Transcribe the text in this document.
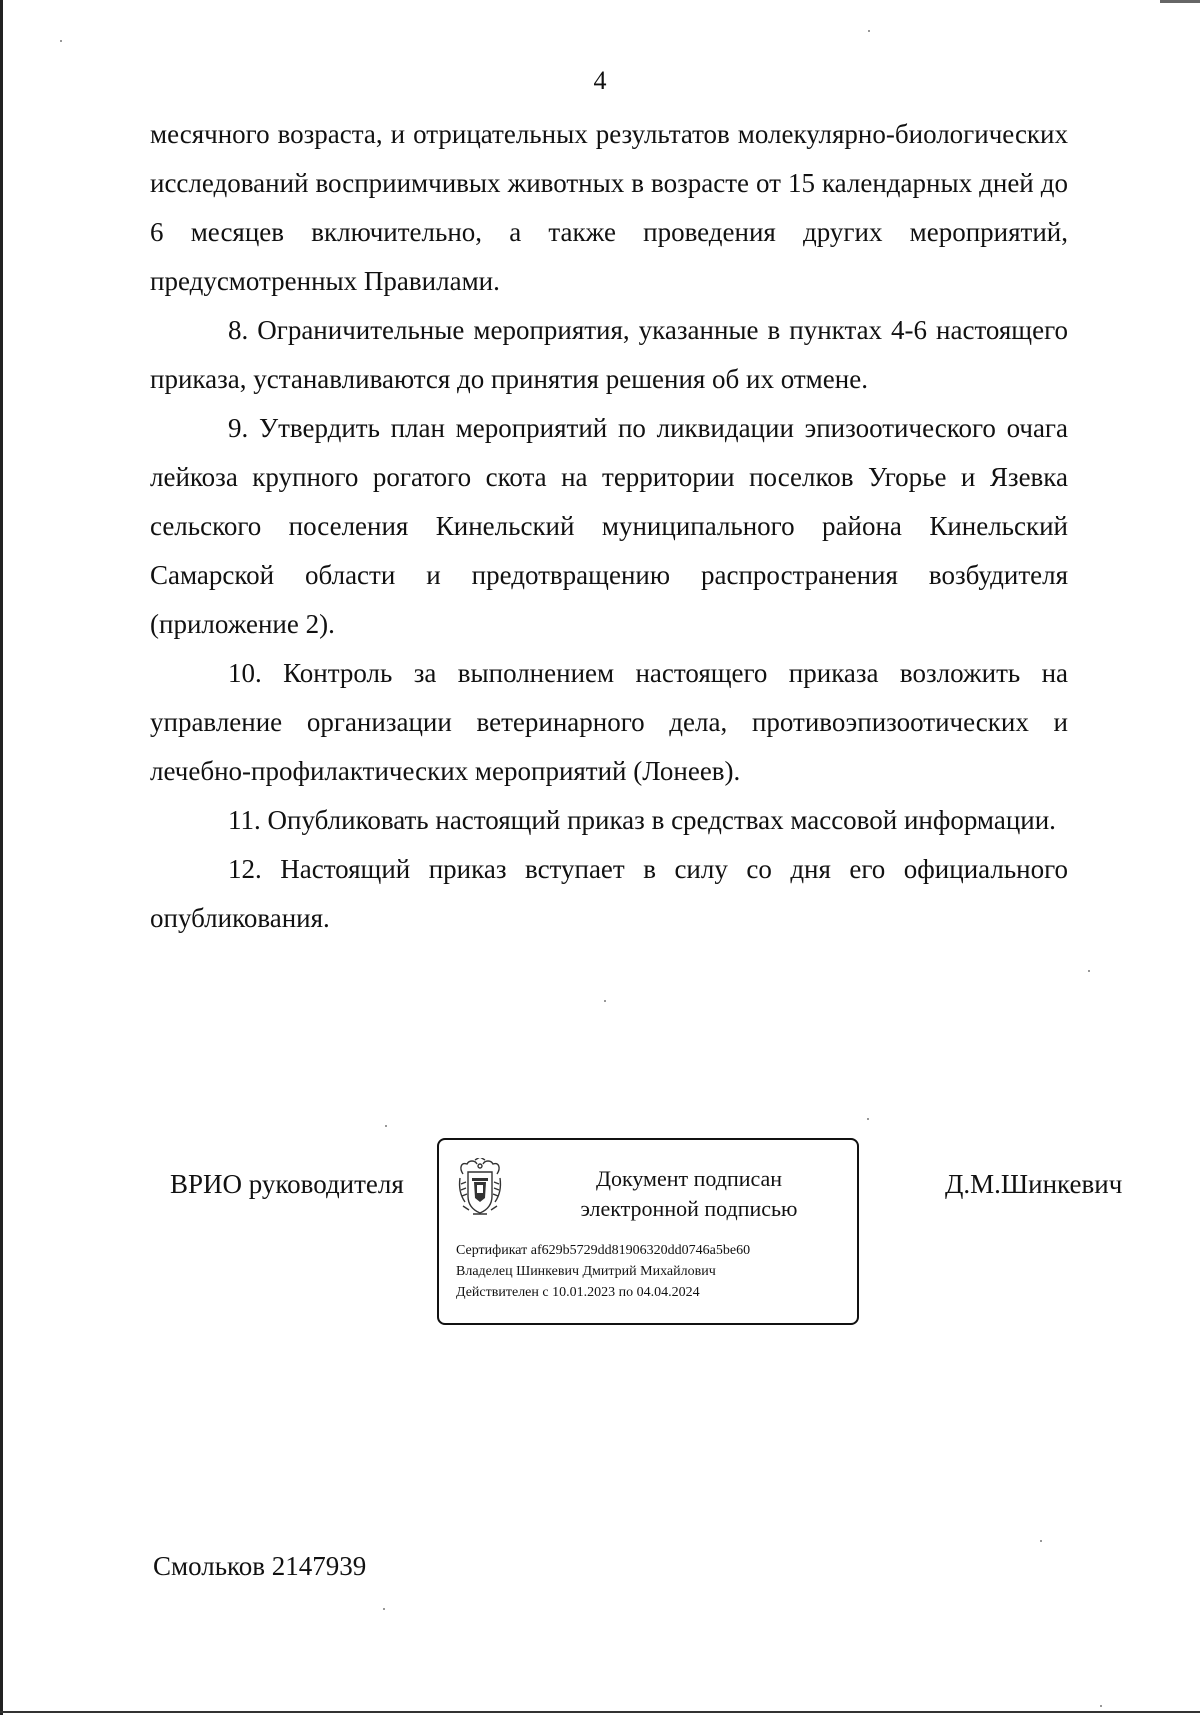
4

месячного возраста, и отрицательных результатов молекулярно-биологических исследований восприимчивых животных в возрасте от 15 календарных дней до 6 месяцев включительно, а также проведения других мероприятий, предусмотренных Правилами.

8. Ограничительные мероприятия, указанные в пунктах 4-6 настоящего приказа, устанавливаются до принятия решения об их отмене.

9. Утвердить план мероприятий по ликвидации эпизоотического очага лейкоза крупного рогатого скота на территории поселков Угорье и Язевка сельского поселения Кинельский муниципального района Кинельский Самарской области и предотвращению распространения возбудителя (приложение 2).

10. Контроль за выполнением настоящего приказа возложить на управление организации ветеринарного дела, противоэпизоотических и лечебно-профилактических мероприятий (Лонеев).

11. Опубликовать настоящий приказ в средствах массовой информации.

12. Настоящий приказ вступает в силу со дня его официального опубликования.

ВРИО руководителя	Документ подписан
электронной подписью
Сертификат af629b5729dd81906320dd0746a5be60
Владелец Шинкевич Дмитрий Михайлович
Действителен с 10.01.2023 по 04.04.2024
Д.М.Шинкевич
Смольков 2147939
